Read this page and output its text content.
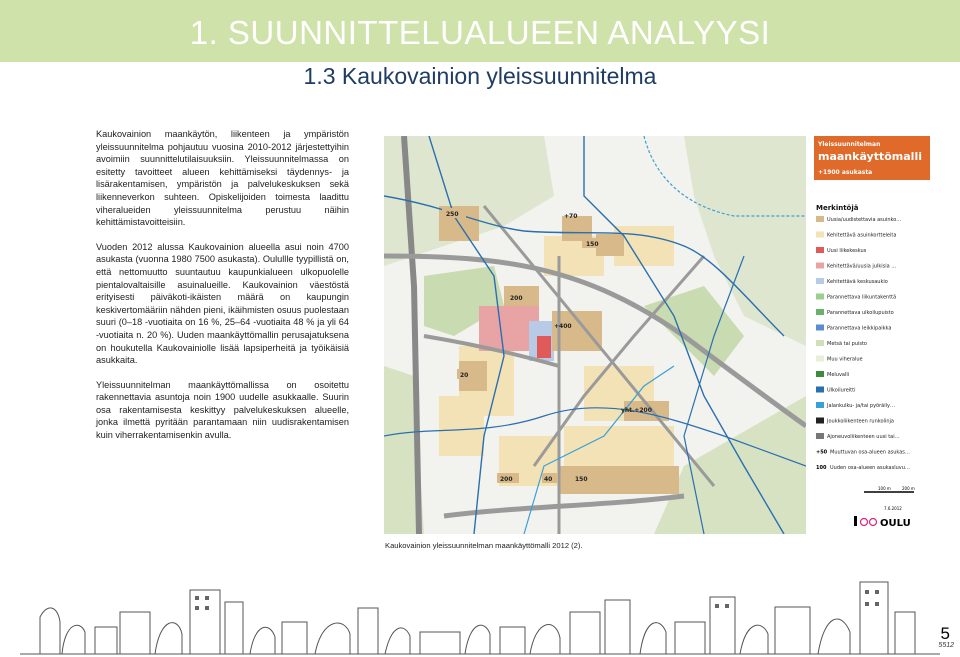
1. SUUNNITTELUALUEEN ANALYYSI
1.3 Kaukovainion yleissuunnitelma

Kaukovainion maankäytön, liikenteen ja ympäristön yleissuunnitelma pohjautuu vuosina 2010-2012 järjestettyihin avoimiin suunnittelutilaisuuksiin. Yleissuunnitelmassa on esitetty tavoitteet alueen kehittämiseksi täydennys- ja lisärakentamisen, ympäristön ja palvelukeskuksen sekä liikenneverkon suhteen. Opiskelijoiden toimesta laadittu viheralueiden yleissuunnitelma perustuu näihin kehittämistavoitteisiin.

Vuoden 2012 alussa Kaukovainion alueella asui noin 4700 asukasta (vuonna 1980 7500 asukasta). Oulullle tyypillistä on, että nettomuutto suuntautuu kaupunkialueen ulkopuolelle pientalovaltaisille asuinalueille. Kaukovainion väestöstä erityisesti päiväkoti-ikäisten määrä on kaupungin keskivertomääriin nähden pieni, ikäihmisten osuus puolestaan suuri (0–18 -vuotiaita on 16 %, 25–64 -vuotiaita 48 % ja yli 64 -vuotiaita n. 20 %). Uuden maankäyttömallin perusajatuksena on houkutella Kaukovainiolle lisää lapsiperheitä ja työikäisiä asukkaita.

Yleissuunnitelman maankäyttömallissa on osoitettu rakennettavia asuntoja noin 1900 uudelle asukkaalle. Suurin osa rakentamisesta keskittyy palvelukeskuksen alueelle, jonka ilmettä pyritään parantamaan niin uudisrakentamisen kuin viherrakentamisenkin avulla.

250	+70
150
200
+400
20
yht.+200
200	40	150
Yleissuunnitelman
maankäyttömalli
+1900 asukasta
Merkintöjä
Uusia/uudistettavia asuinko…
Kehitettävä asuinkortteleita
Uusi liikekeskus
Kehitettävä/uusia julkisia …
Kehitettävä keskusaukio
Parannettava liikuntakenttä
Parannettava ulkoilupuisto
Parannettava leikkipaikka
Metsä tai puisto
Muu viheralue
Meluvalli
Ulkoilureitti
Jalankulku- ja/tai pyöräily…
Joukkoliikenteen runkolinja
Ajoneuvoliikenteen uusi tai…
Muuttuvan osa-alueen asukas…
Uuden osa-alueen asukasluvu…
+50
100
100 m	200 m
7.6.2012
OULU
Kaukovainion yleissuunnitelman maankäyttömalli 2012 (2).
5
5512
